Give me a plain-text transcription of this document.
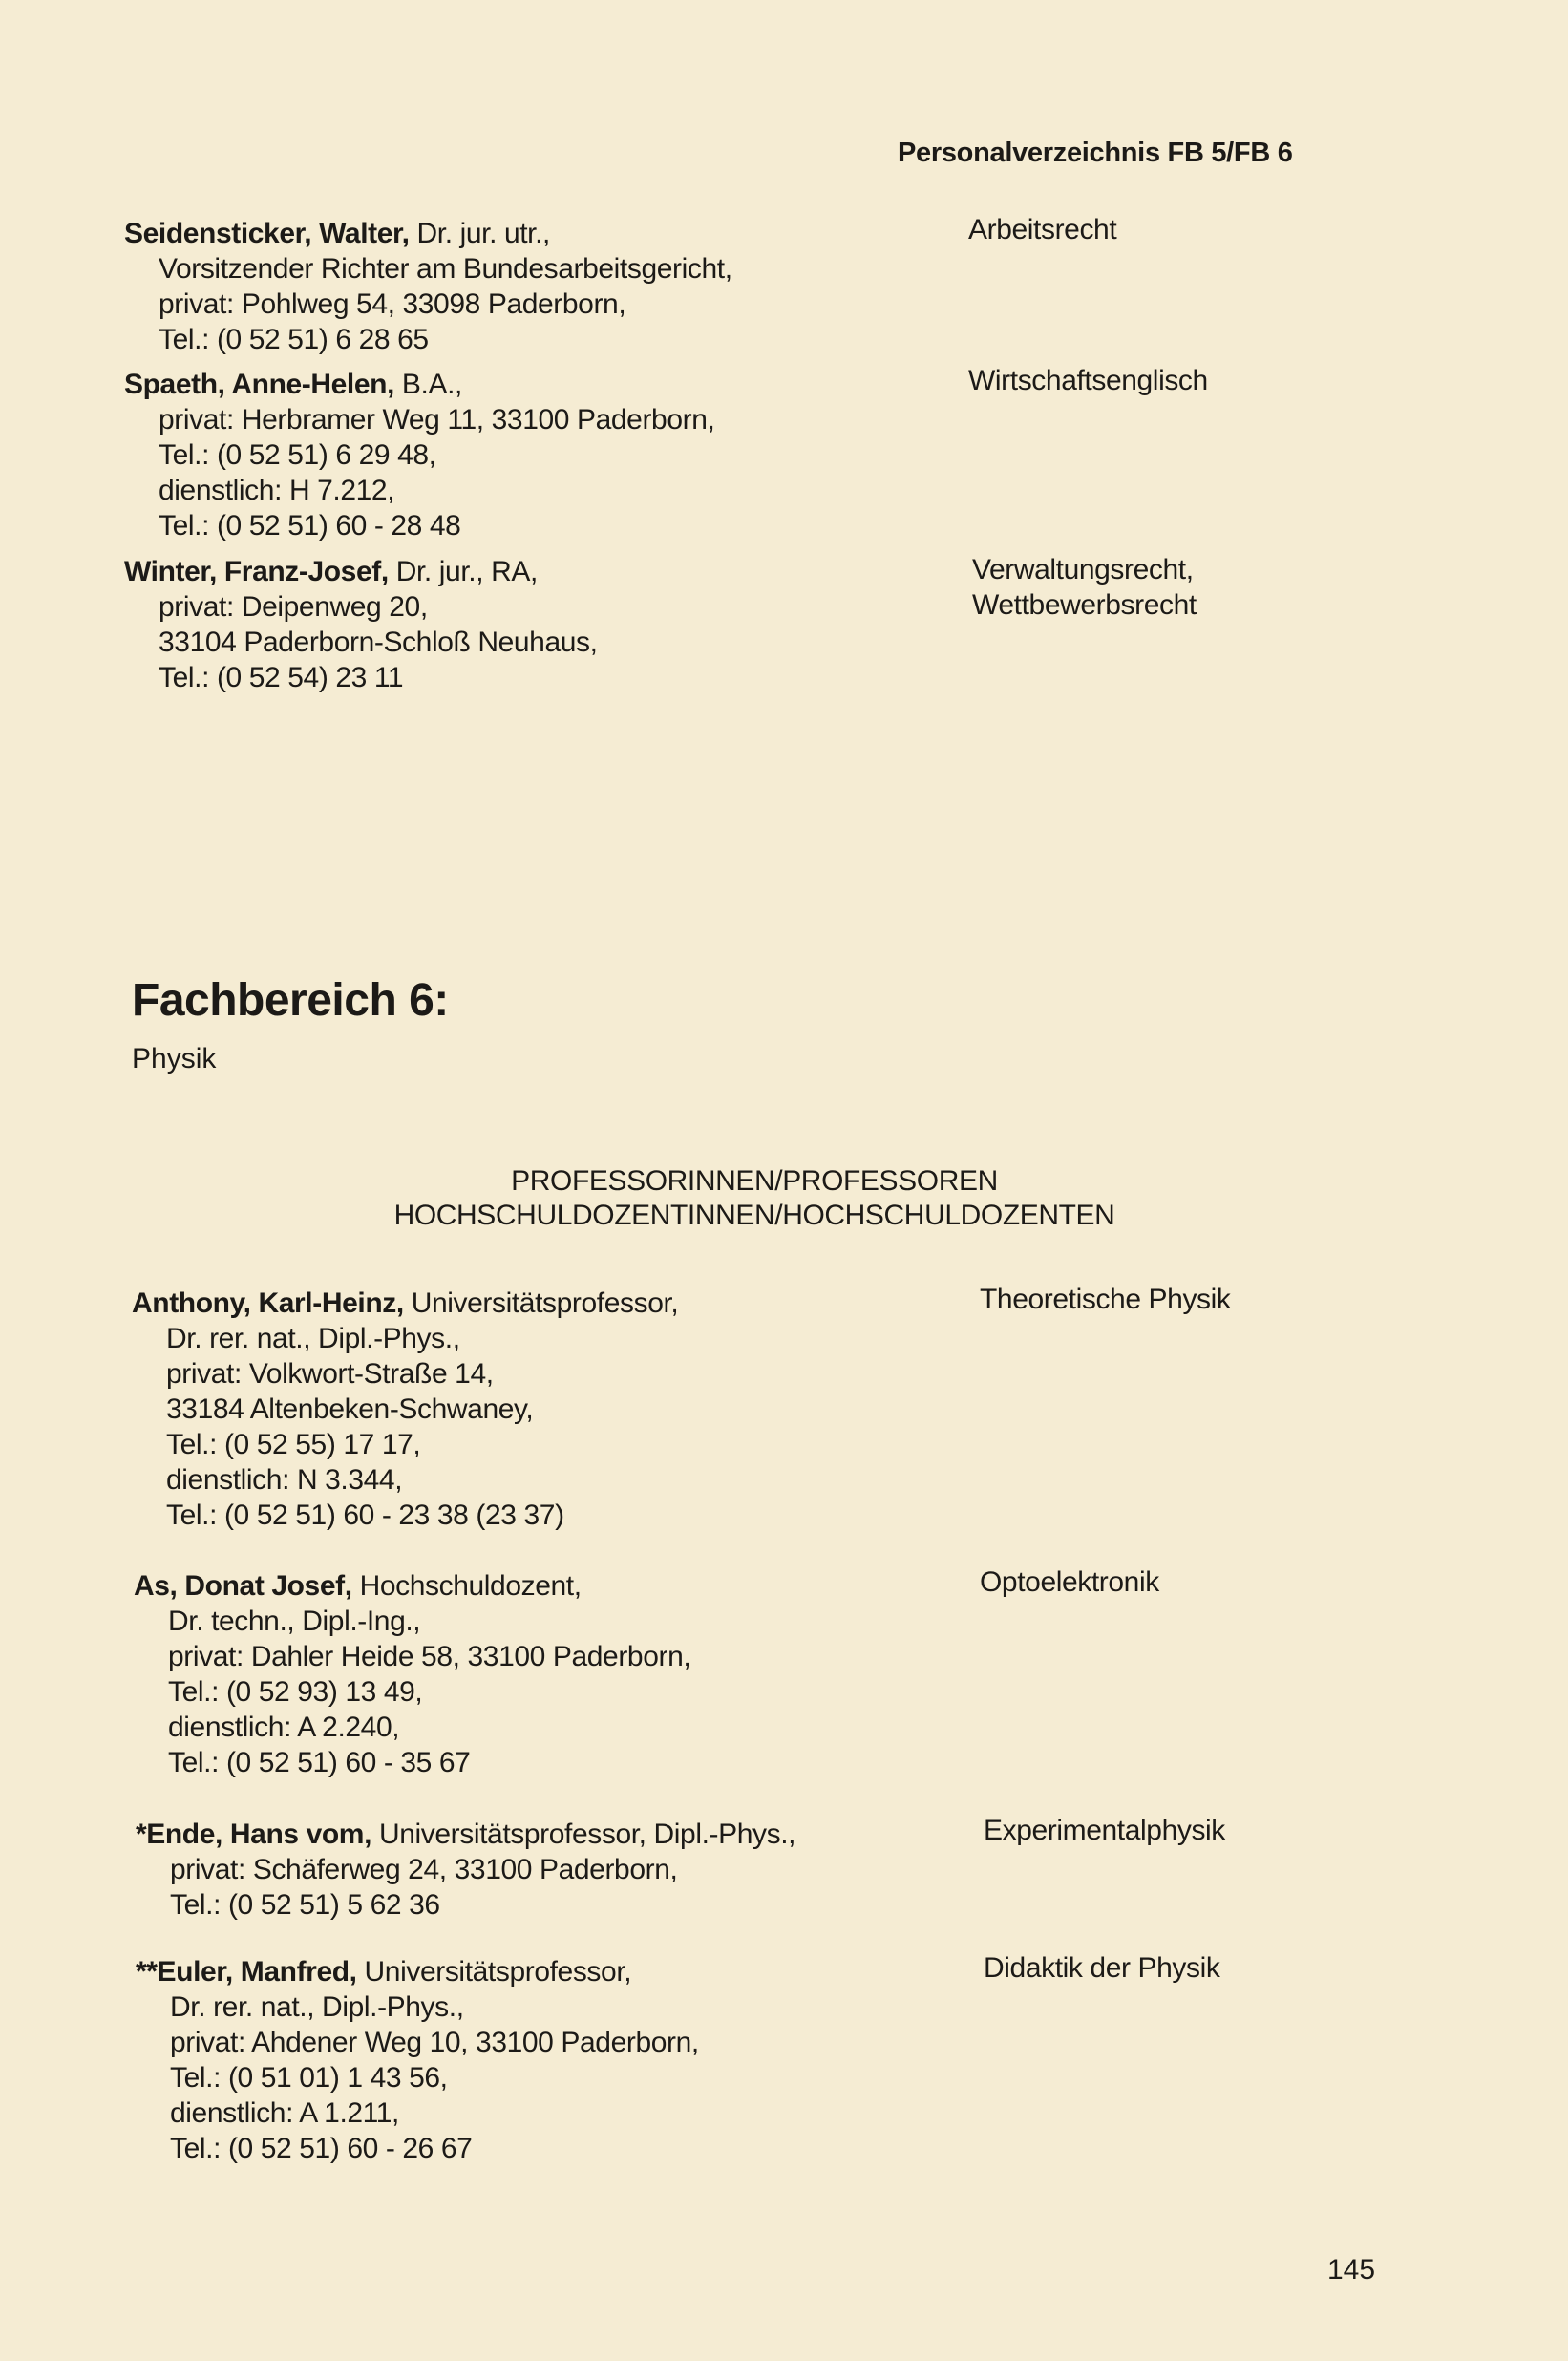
Personalverzeichnis FB 5/FB 6
Seidensticker, Walter, Dr. jur. utr.,
Vorsitzender Richter am Bundesarbeitsgericht,
privat: Pohlweg 54, 33098 Paderborn,
Tel.: (0 52 51) 6 28 65
Arbeitsrecht
Spaeth, Anne-Helen, B.A.,
privat: Herbramer Weg 11, 33100 Paderborn,
Tel.: (0 52 51) 6 29 48,
dienstlich: H 7.212,
Tel.: (0 52 51) 60 - 28 48
Wirtschaftsenglisch
Winter, Franz-Josef, Dr. jur., RA,
privat: Deipenweg 20,
33104 Paderborn-Schloß Neuhaus,
Tel.: (0 52 54) 23 11
Verwaltungsrecht,
Wettbewerbsrecht
Fachbereich 6:
Physik
PROFESSORINNEN/PROFESSOREN
HOCHSCHULDOZENTINNEN/HOCHSCHULDOZENTEN
Anthony, Karl-Heinz, Universitätsprofessor,
Dr. rer. nat., Dipl.-Phys.,
privat: Volkwort-Straße 14,
33184 Altenbeken-Schwaney,
Tel.: (0 52 55) 17 17,
dienstlich: N 3.344,
Tel.: (0 52 51) 60 - 23 38 (23 37)
Theoretische Physik
As, Donat Josef, Hochschuldozent,
Dr. techn., Dipl.-Ing.,
privat: Dahler Heide 58, 33100 Paderborn,
Tel.: (0 52 93) 13 49,
dienstlich: A 2.240,
Tel.: (0 52 51) 60 - 35 67
Optoelektronik
*Ende, Hans vom, Universitätsprofessor, Dipl.-Phys.,
privat: Schäferweg 24, 33100 Paderborn,
Tel.: (0 52 51) 5 62 36
Experimentalphysik
**Euler, Manfred, Universitätsprofessor,
Dr. rer. nat., Dipl.-Phys.,
privat: Ahdener Weg 10, 33100 Paderborn,
Tel.: (0 51 01) 1 43 56,
dienstlich: A 1.211,
Tel.: (0 52 51) 60 - 26 67
Didaktik der Physik
145
